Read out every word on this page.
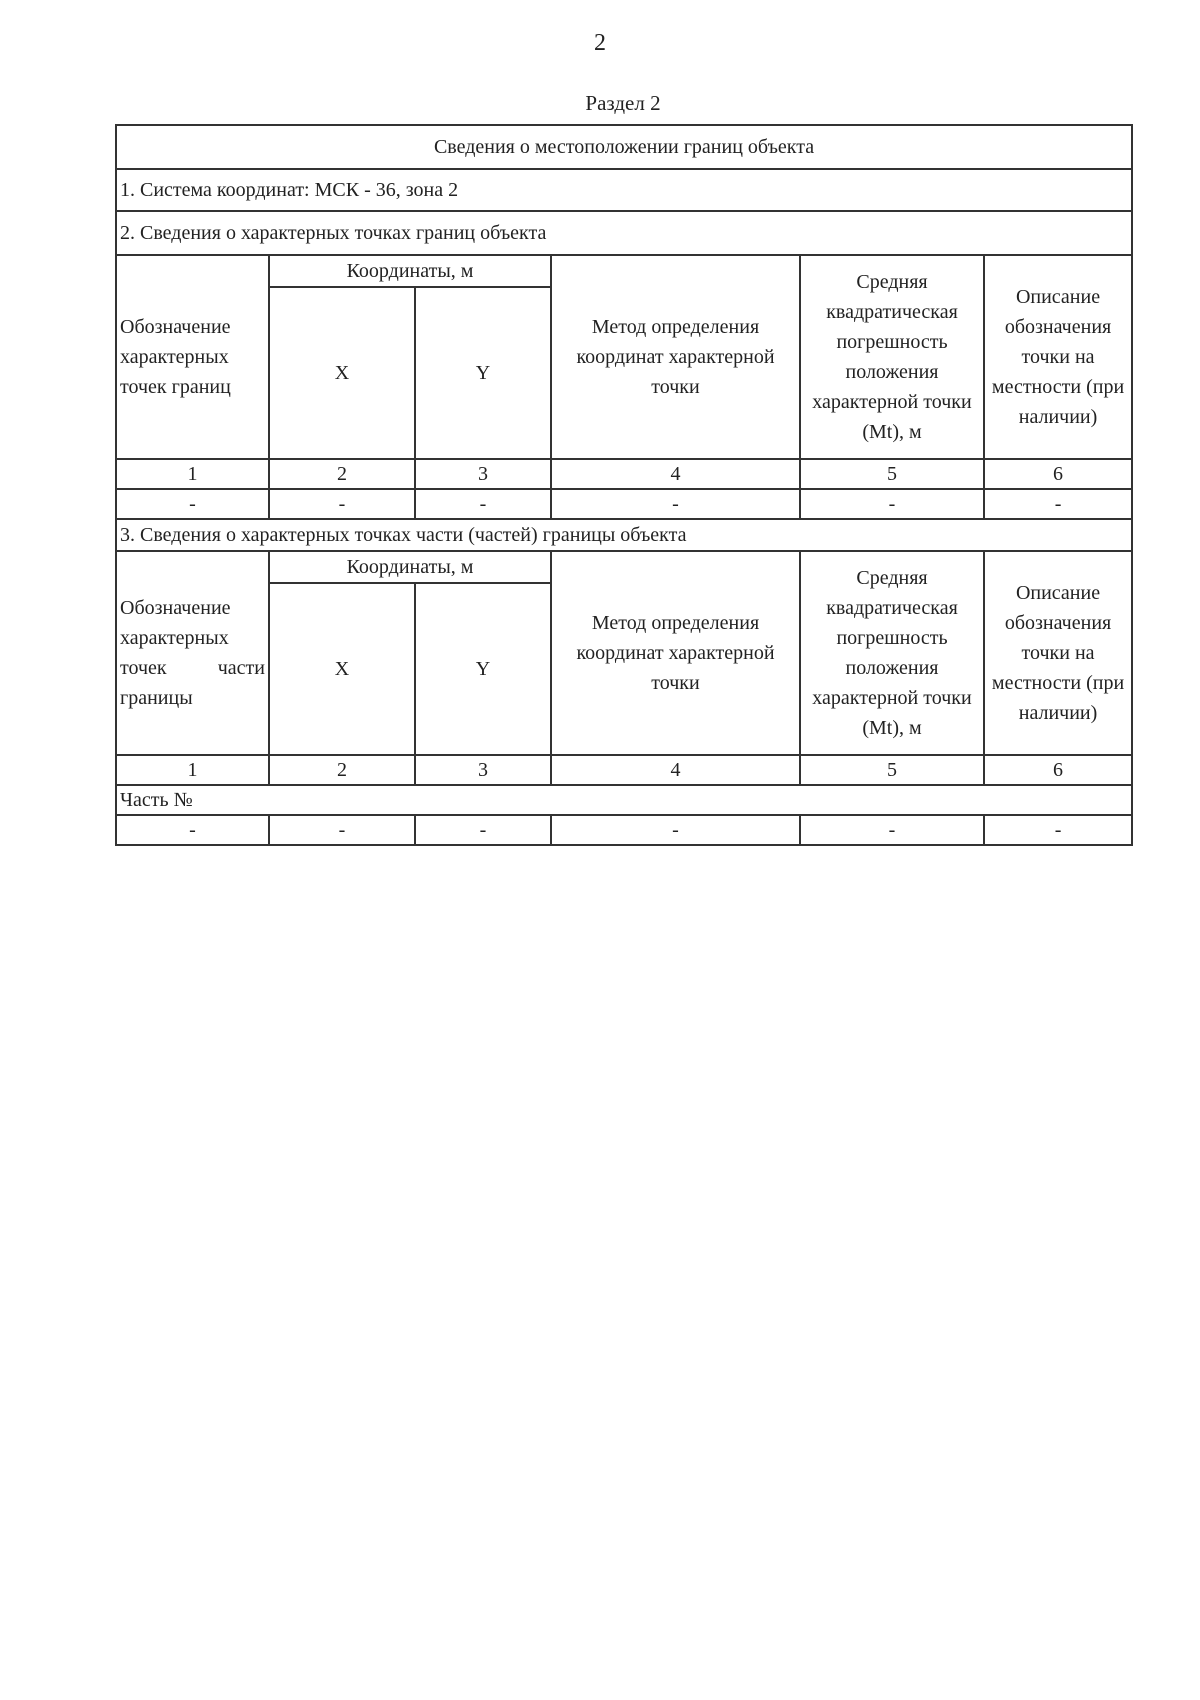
2
Раздел 2
Сведения о местоположении границ объекта					
1. Система координат: МСК - 36, зона 2					
2. Сведения о характерных точках границ объекта					
Обозначение характерных точек границ	Координаты, м		Метод определения координат характерной точки	Средняя квадратическая погрешность положения характерной точки (Mt), м	Описание обозначения точки на местности (при наличии)
	X	Y			
1	2	3	4	5	6
-	-	-	-	-	-
3. Сведения о характерных точках части (частей) границы объекта					
Обозначение характерных точек части границы	Координаты, м		Метод определения координат характерной точки	Средняя квадратическая погрешность положения характерной точки (Mt), м	Описание обозначения точки на местности (при наличии)
	X	Y			
1	2	3	4	5	6
Часть №					
-	-	-	-	-	-
